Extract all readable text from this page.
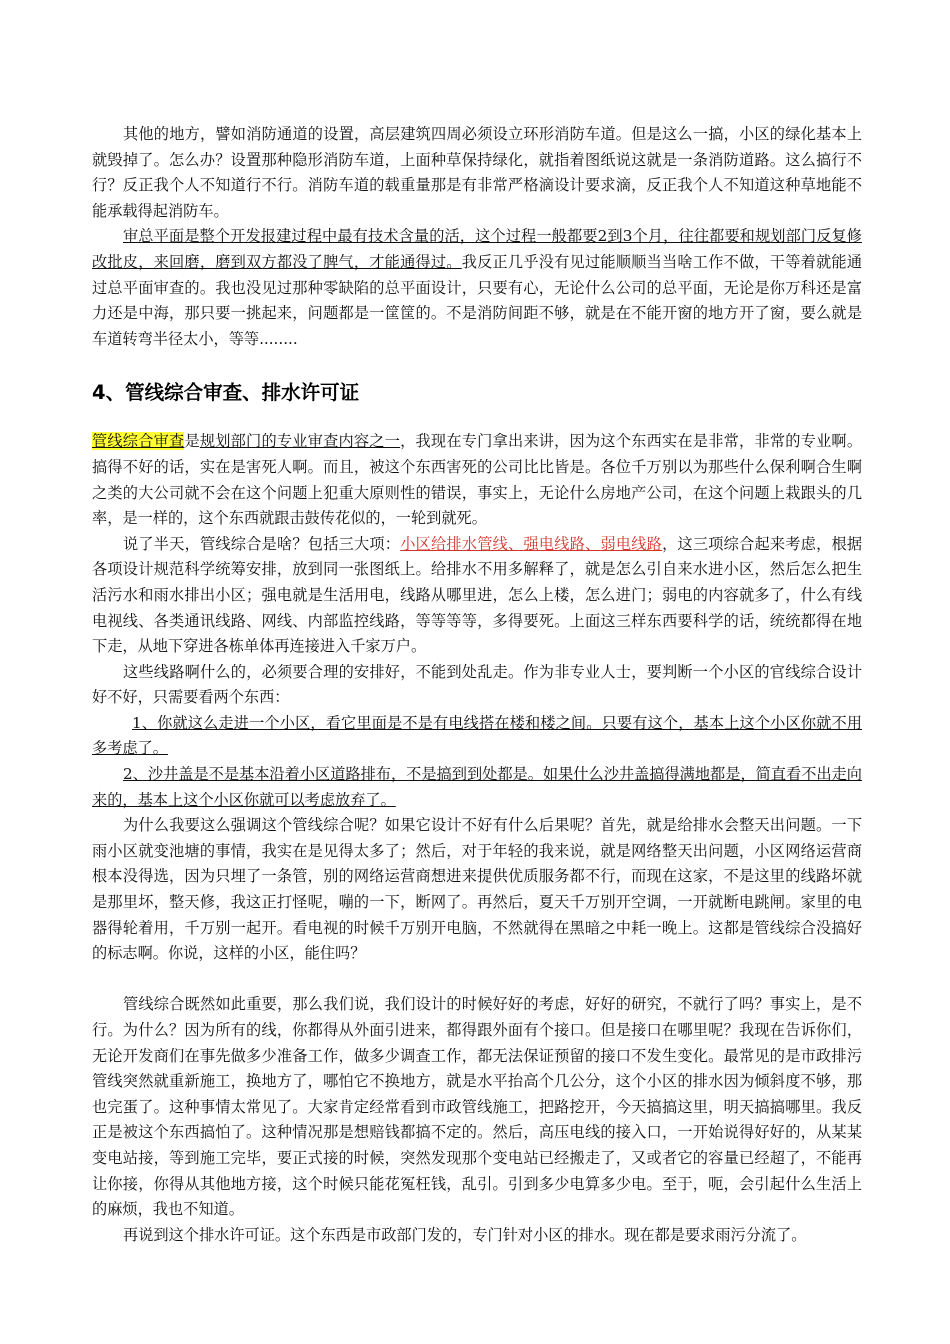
其他的地方，譬如消防通道的设置，高层建筑四周必须设立环形消防车道。但是这么一搞，小区的绿化基本上就毁掉了。怎么办？设置那种隐形消防车道，上面种草保持绿化，就指着图纸说这就是一条消防道路。这么搞行不行？反正我个人不知道行不行。消防车道的载重量那是有非常严格滴设计要求滴，反正我个人不知道这种草地能不能承载得起消防车。

审总平面是整个开发报建过程中最有技术含量的活，这个过程一般都要2到3个月，往往都要和规划部门反复修改批皮，来回磨，磨到双方都没了脾气，才能通得过。我反正几乎没有见过能顺顺当当啥工作不做，干等着就能通过总平面审查的。我也没见过那种零缺陷的总平面设计，只要有心，无论什么公司的总平面，无论是你万科还是富力还是中海，那只要一挑起来，问题都是一筐筐的。不是消防间距不够，就是在不能开窗的地方开了窗，要么就是车道转弯半径太小，等等........

4、管线综合审查、排水许可证

管线综合审查是规划部门的专业审查内容之一，我现在专门拿出来讲，因为这个东西实在是非常，非常的专业啊。搞得不好的话，实在是害死人啊。而且，被这个东西害死的公司比比皆是。各位千万别以为那些什么保利啊合生啊之类的大公司就不会在这个问题上犯重大原则性的错误，事实上，无论什么房地产公司，在这个问题上栽跟头的几率，是一样的，这个东西就跟击鼓传花似的，一轮到就死。

说了半天，管线综合是啥？包括三大项：小区给排水管线、强电线路、弱电线路，这三项综合起来考虑，根据各项设计规范科学统筹安排，放到同一张图纸上。给排水不用多解释了，就是怎么引自来水进小区，然后怎么把生活污水和雨水排出小区；强电就是生活用电，线路从哪里进，怎么上楼，怎么进门；弱电的内容就多了，什么有线电视线、各类通讯线路、网线、内部监控线路，等等等等，多得要死。上面这三样东西要科学的话，统统都得在地下走，从地下穿进各栋单体再连接进入千家万户。

这些线路啊什么的，必须要合理的安排好，不能到处乱走。作为非专业人士，要判断一个小区的官线综合设计好不好，只需要看两个东西：

1、你就这么走进一个小区，看它里面是不是有电线搭在楼和楼之间。只要有这个，基本上这个小区你就不用多考虑了。

2、沙井盖是不是基本沿着小区道路排布，不是搞到到处都是。如果什么沙井盖搞得满地都是，简直看不出走向来的，基本上这个小区你就可以考虑放弃了。

为什么我要这么强调这个管线综合呢？如果它设计不好有什么后果呢？首先，就是给排水会整天出问题。一下雨小区就变池塘的事情，我实在是见得太多了；然后，对于年轻的我来说，就是网络整天出问题，小区网络运营商根本没得选，因为只埋了一条管，别的网络运营商想进来提供优质服务都不行，而现在这家，不是这里的线路坏就是那里坏，整天修，我这正打怪呢，嘣的一下，断网了。再然后，夏天千万别开空调，一开就断电跳闸。家里的电器得轮着用，千万别一起开。看电视的时候千万别开电脑，不然就得在黑暗之中耗一晚上。这都是管线综合没搞好的标志啊。你说，这样的小区，能住吗？

管线综合既然如此重要，那么我们说，我们设计的时候好好的考虑，好好的研究，不就行了吗？事实上，是不行。为什么？因为所有的线，你都得从外面引进来，都得跟外面有个接口。但是接口在哪里呢？我现在告诉你们，无论开发商们在事先做多少准备工作，做多少调查工作，都无法保证预留的接口不发生变化。最常见的是市政排污管线突然就重新施工，换地方了，哪怕它不换地方，就是水平抬高个几公分，这个小区的排水因为倾斜度不够，那也完蛋了。这种事情太常见了。大家肯定经常看到市政管线施工，把路挖开，今天搞搞这里，明天搞搞哪里。我反正是被这个东西搞怕了。这种情况那是想赔钱都搞不定的。然后，高压电线的接入口，一开始说得好好的，从某某变电站接，等到施工完毕，要正式接的时候，突然发现那个变电站已经搬走了，又或者它的容量已经超了，不能再让你接，你得从其他地方接，这个时候只能花冤枉钱，乱引。引到多少电算多少电。至于，呃，会引起什么生活上的麻烦，我也不知道。

再说到这个排水许可证。这个东西是市政部门发的，专门针对小区的排水。现在都是要求雨污分流了。
